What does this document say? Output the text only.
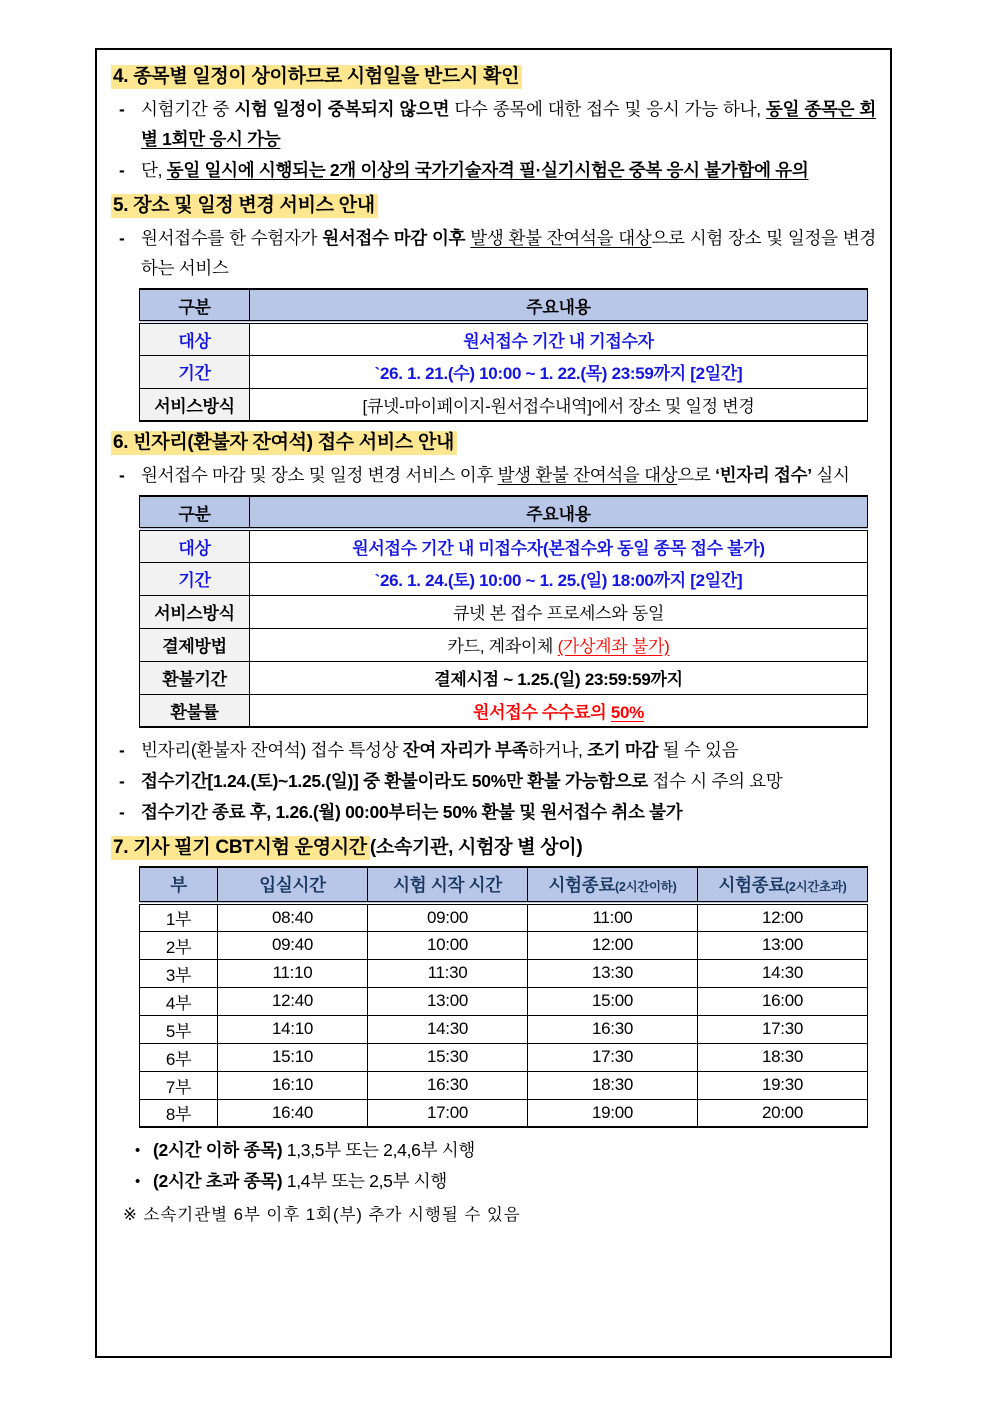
4. 종목별 일정이 상이하므로 시험일을 반드시 확인
- 시험기간 중 시험 일정이 중복되지 않으면 다수 종목에 대한 접수 및 응시 가능 하나, 동일 종목은 회별 1회만 응시 가능
- 단, 동일 일시에 시행되는 2개 이상의 국가기술자격 필·실기시험은 중복 응시 불가함에 유의
5. 장소 및 일정 변경 서비스 안내
- 원서접수를 한 수험자가 원서접수 마감 이후 발생 환불 잔여석을 대상으로 시험 장소 및 일정을 변경하는 서비스
구분	주요내용
대상	원서접수 기간 내 기접수자
기간	`26. 1. 21.(수) 10:00 ~ 1. 22.(목) 23:59까지 [2일간]
서비스방식	[큐넷-마이페이지-원서접수내역]에서 장소 및 일정 변경
6. 빈자리(환불자 잔여석) 접수 서비스 안내
- 원서접수 마감 및 장소 및 일정 변경 서비스 이후 발생 환불 잔여석을 대상으로 ‘빈자리 접수’ 실시
구분	주요내용
대상	원서접수 기간 내 미접수자(본접수와 동일 종목 접수 불가)
기간	`26. 1. 24.(토) 10:00 ~ 1. 25.(일) 18:00까지 [2일간]
서비스방식	큐넷 본 접수 프로세스와 동일
결제방법	카드, 계좌이체 (가상계좌 불가)
환불기간	결제시점 ~ 1.25.(일) 23:59:59까지
환불률	원서접수 수수료의 50%
- 빈자리(환불자 잔여석) 접수 특성상 잔여 자리가 부족하거나, 조기 마감 될 수 있음
- 접수기간[1.24.(토)~1.25.(일)] 중 환불이라도 50%만 환불 가능함으로 접수 시 주의 요망
- 접수기간 종료 후, 1.26.(월) 00:00부터는 50% 환불 및 원서접수 취소 불가
7. 기사 필기 CBT시험 운영시간 (소속기관, 시험장 별 상이)
부	입실시간	시험 시작 시간	시험종료(2시간이하)	시험종료(2시간초과)
1부	08:40	09:00	11:00	12:00
2부	09:40	10:00	12:00	13:00
3부	11:10	11:30	13:30	14:30
4부	12:40	13:00	15:00	16:00
5부	14:10	14:30	16:30	17:30
6부	15:10	15:30	17:30	18:30
7부	16:10	16:30	18:30	19:30
8부	16:40	17:00	19:00	20:00
• (2시간 이하 종목) 1,3,5부 또는 2,4,6부 시행
• (2시간 초과 종목) 1,4부 또는 2,5부 시행
※ 소속기관별 6부 이후 1회(부) 추가 시행될 수 있음
